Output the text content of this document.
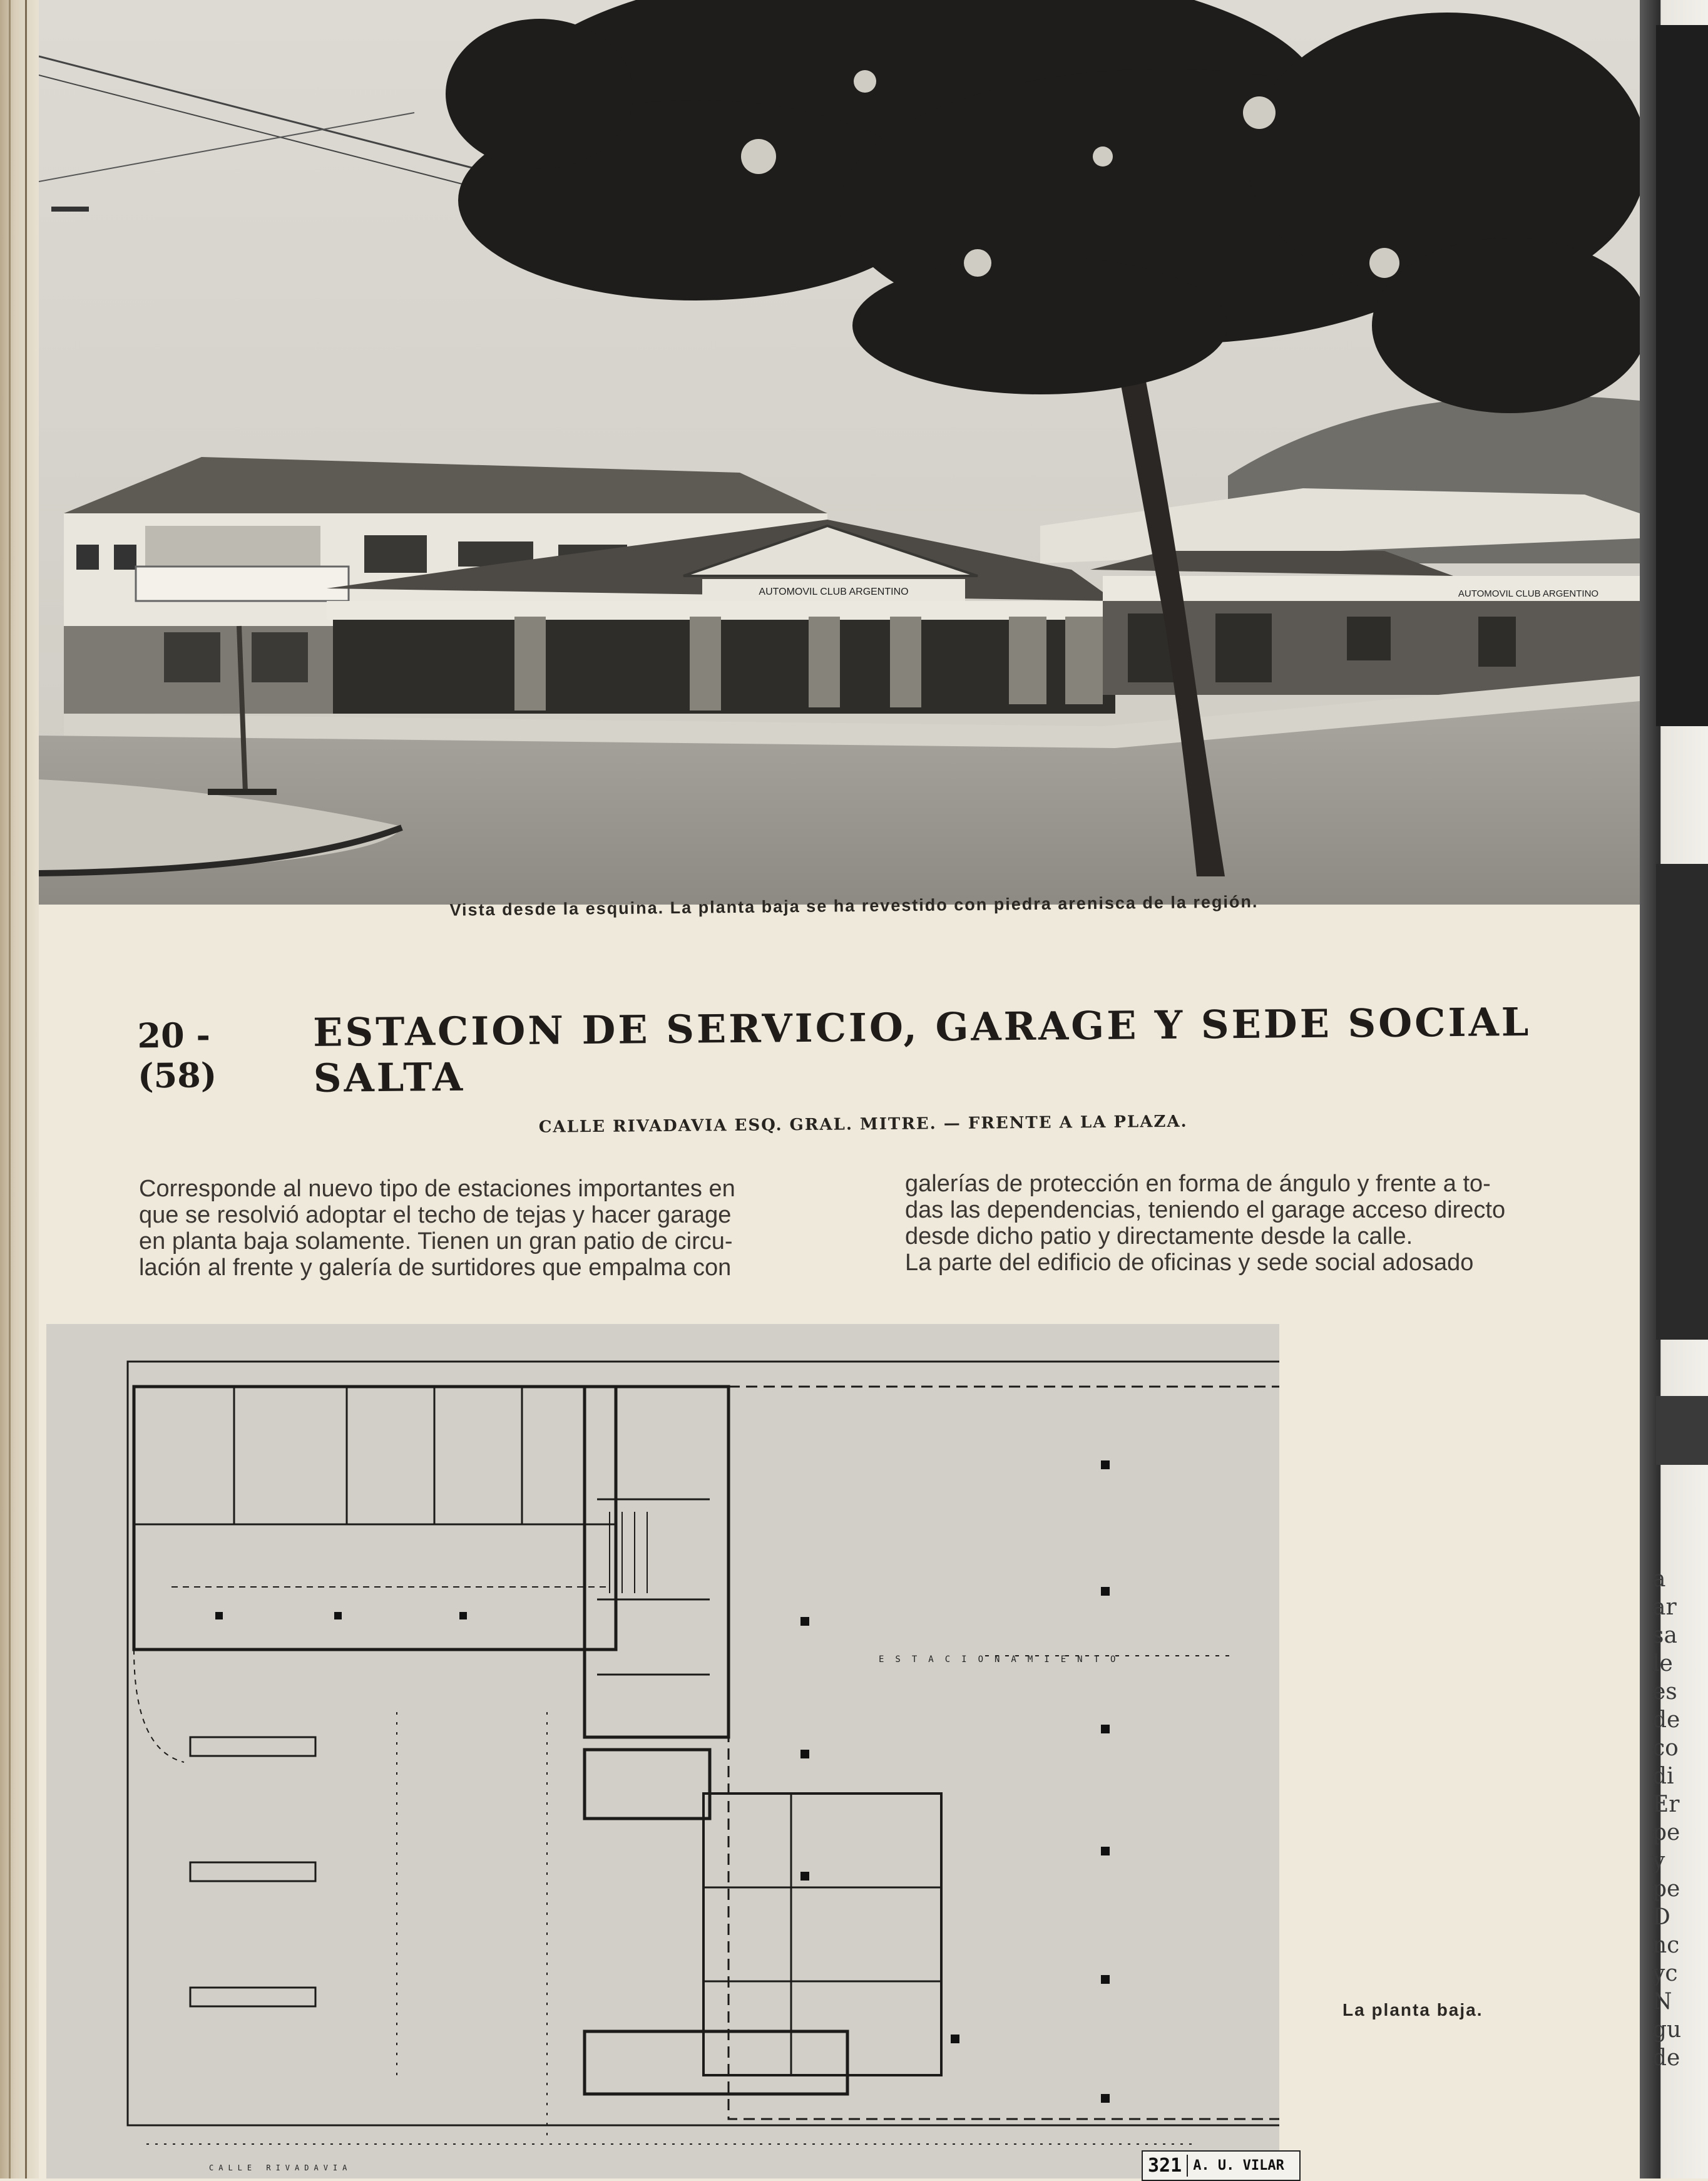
AUTOMOVIL CLUB ARGENTINO	AUTOMOVIL CLUB ARGENTINO
Vista desde la esquina. La planta baja se ha revestido con piedra arenisca de la región.
20 - (58)
ESTACION DE SERVICIO, GARAGE Y SEDE SOCIAL SALTA
CALLE RIVADAVIA ESQ. GRAL. MITRE. — FRENTE A LA PLAZA.

Corresponde al nuevo tipo de estaciones importantes en

que se resolvió adoptar el techo de tejas y hacer garage

en planta baja solamente. Tienen un gran patio de circu-

lación al frente y galería de surtidores que empalma con

galerías de protección en forma de ángulo y frente a to-

das las dependencias, teniendo el garage acceso directo

desde dicho patio y directamente desde la calle.

La parte del edificio de oficinas y sede social adosado

ESTACIONAMIENTO
CALLE RIVADAVIA	321 A. U. VILAR
La planta baja.
a
ar
sa
le
es
de
co
di
Er
pe
y
pe
D
nc
yc
N
gu
de
